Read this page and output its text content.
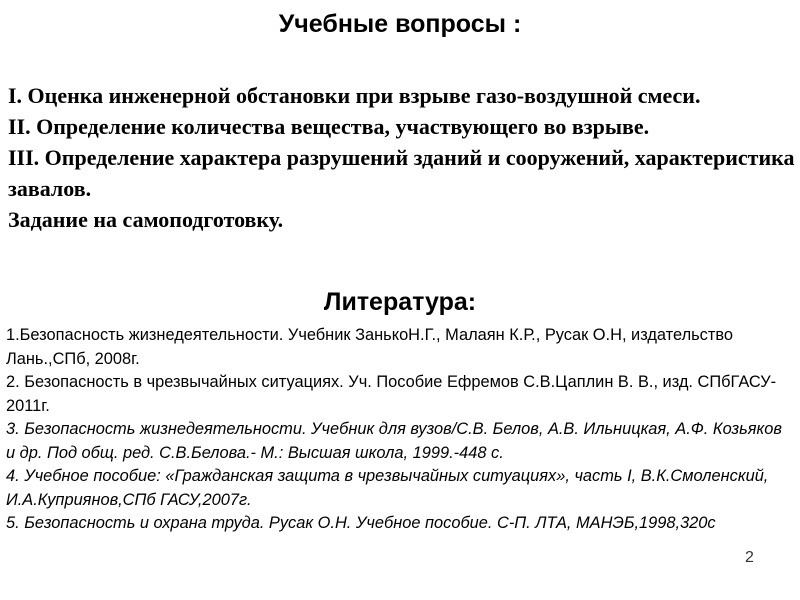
Учебные вопросы :
I. Оценка инженерной обстановки при взрыве газо-воздушной смеси.
II. Определение количества вещества, участвующего во взрыве.
III. Определение характера разрушений зданий и сооружений, характеристика завалов.
Задание на самоподготовку.
Литература:
1.Безопасность жизнедеятельности. Учебник ЗанькоН.Г., Малаян К.Р., Русак О.Н, издательство Лань.,СПб, 2008г.
2. Безопасность в чрезвычайных ситуациях. Уч. Пособие Ефремов С.В.Цаплин В. В., изд. СПбГАСУ- 2011г.
3. Безопасность жизнедеятельности. Учебник для вузов/С.В. Белов, А.В. Ильницкая, А.Ф. Козьяков и др. Под общ. ред. С.В.Белова.- М.: Высшая школа, 1999.-448 с.
4. Учебное пособие: «Гражданская защита в чрезвычайных ситуациях», часть I, В.К.Смоленский, И.А.Куприянов,СПб ГАСУ,2007г.
5. Безопасность и охрана труда. Русак О.Н. Учебное пособие. С-П. ЛТА, МАНЭБ,1998,320с
2
